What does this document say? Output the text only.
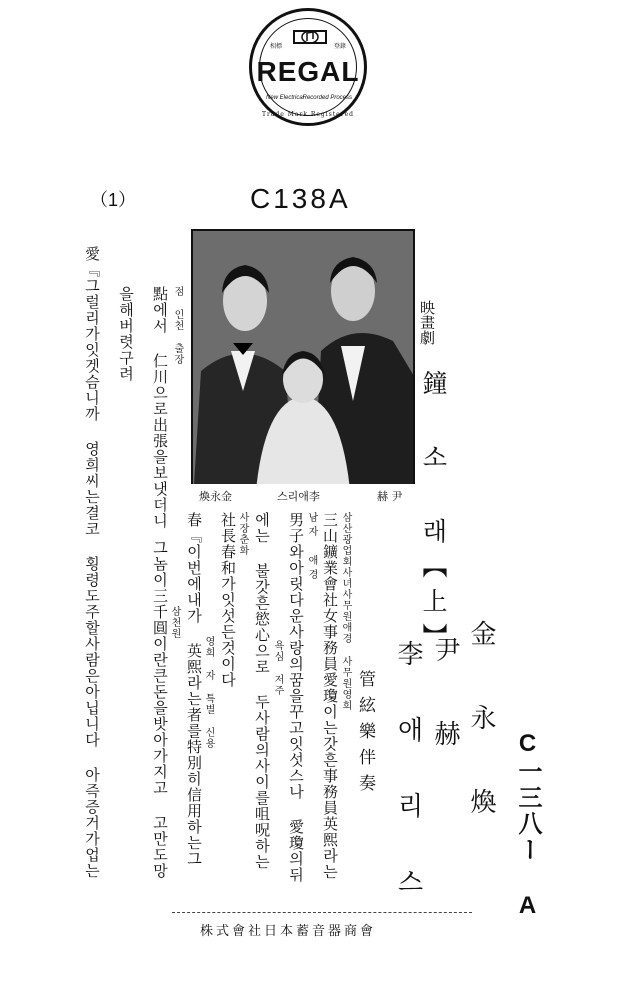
相標	登錄
REGAL
New Electrical
Recorded Process
Trade Mark Registered
（1）	C138A
煥永金	스리애李	赫 尹
映畫劇
鐘 소 래【上】
金 永 煥
尹 赫
李 애 리 스
管絃樂伴奏	C一三八ー A
삼산광업회사녀사무원애경 사무원영희
三山鑛業會社女事務員愛瓊이는갓흔事務員英熙라는
남자 애경
男子와아릿다운사랑의꿈을꾸고잇섯스나 愛瓊의뒤
욕심 저주
에는 불갓흔慾心으로 두사람의사이를咀呪하는
사장춘화
社長春和가잇섯든것이다
영희 자 특별 신용
春『이번에내가 英熙라는者를特別히信用하는그
삼천원
그놈이三千圓이란큰돈을밧아가지고 고만도망
점 인천 출장
點에서 仁川으로出張을보냇더니
을해버렷구려
愛『그럴리가잇겟슴니까 영희씨는결코 횡령도주할사람은아닙니다 아즉증거가업는
株式會社日本蓄音器商會
